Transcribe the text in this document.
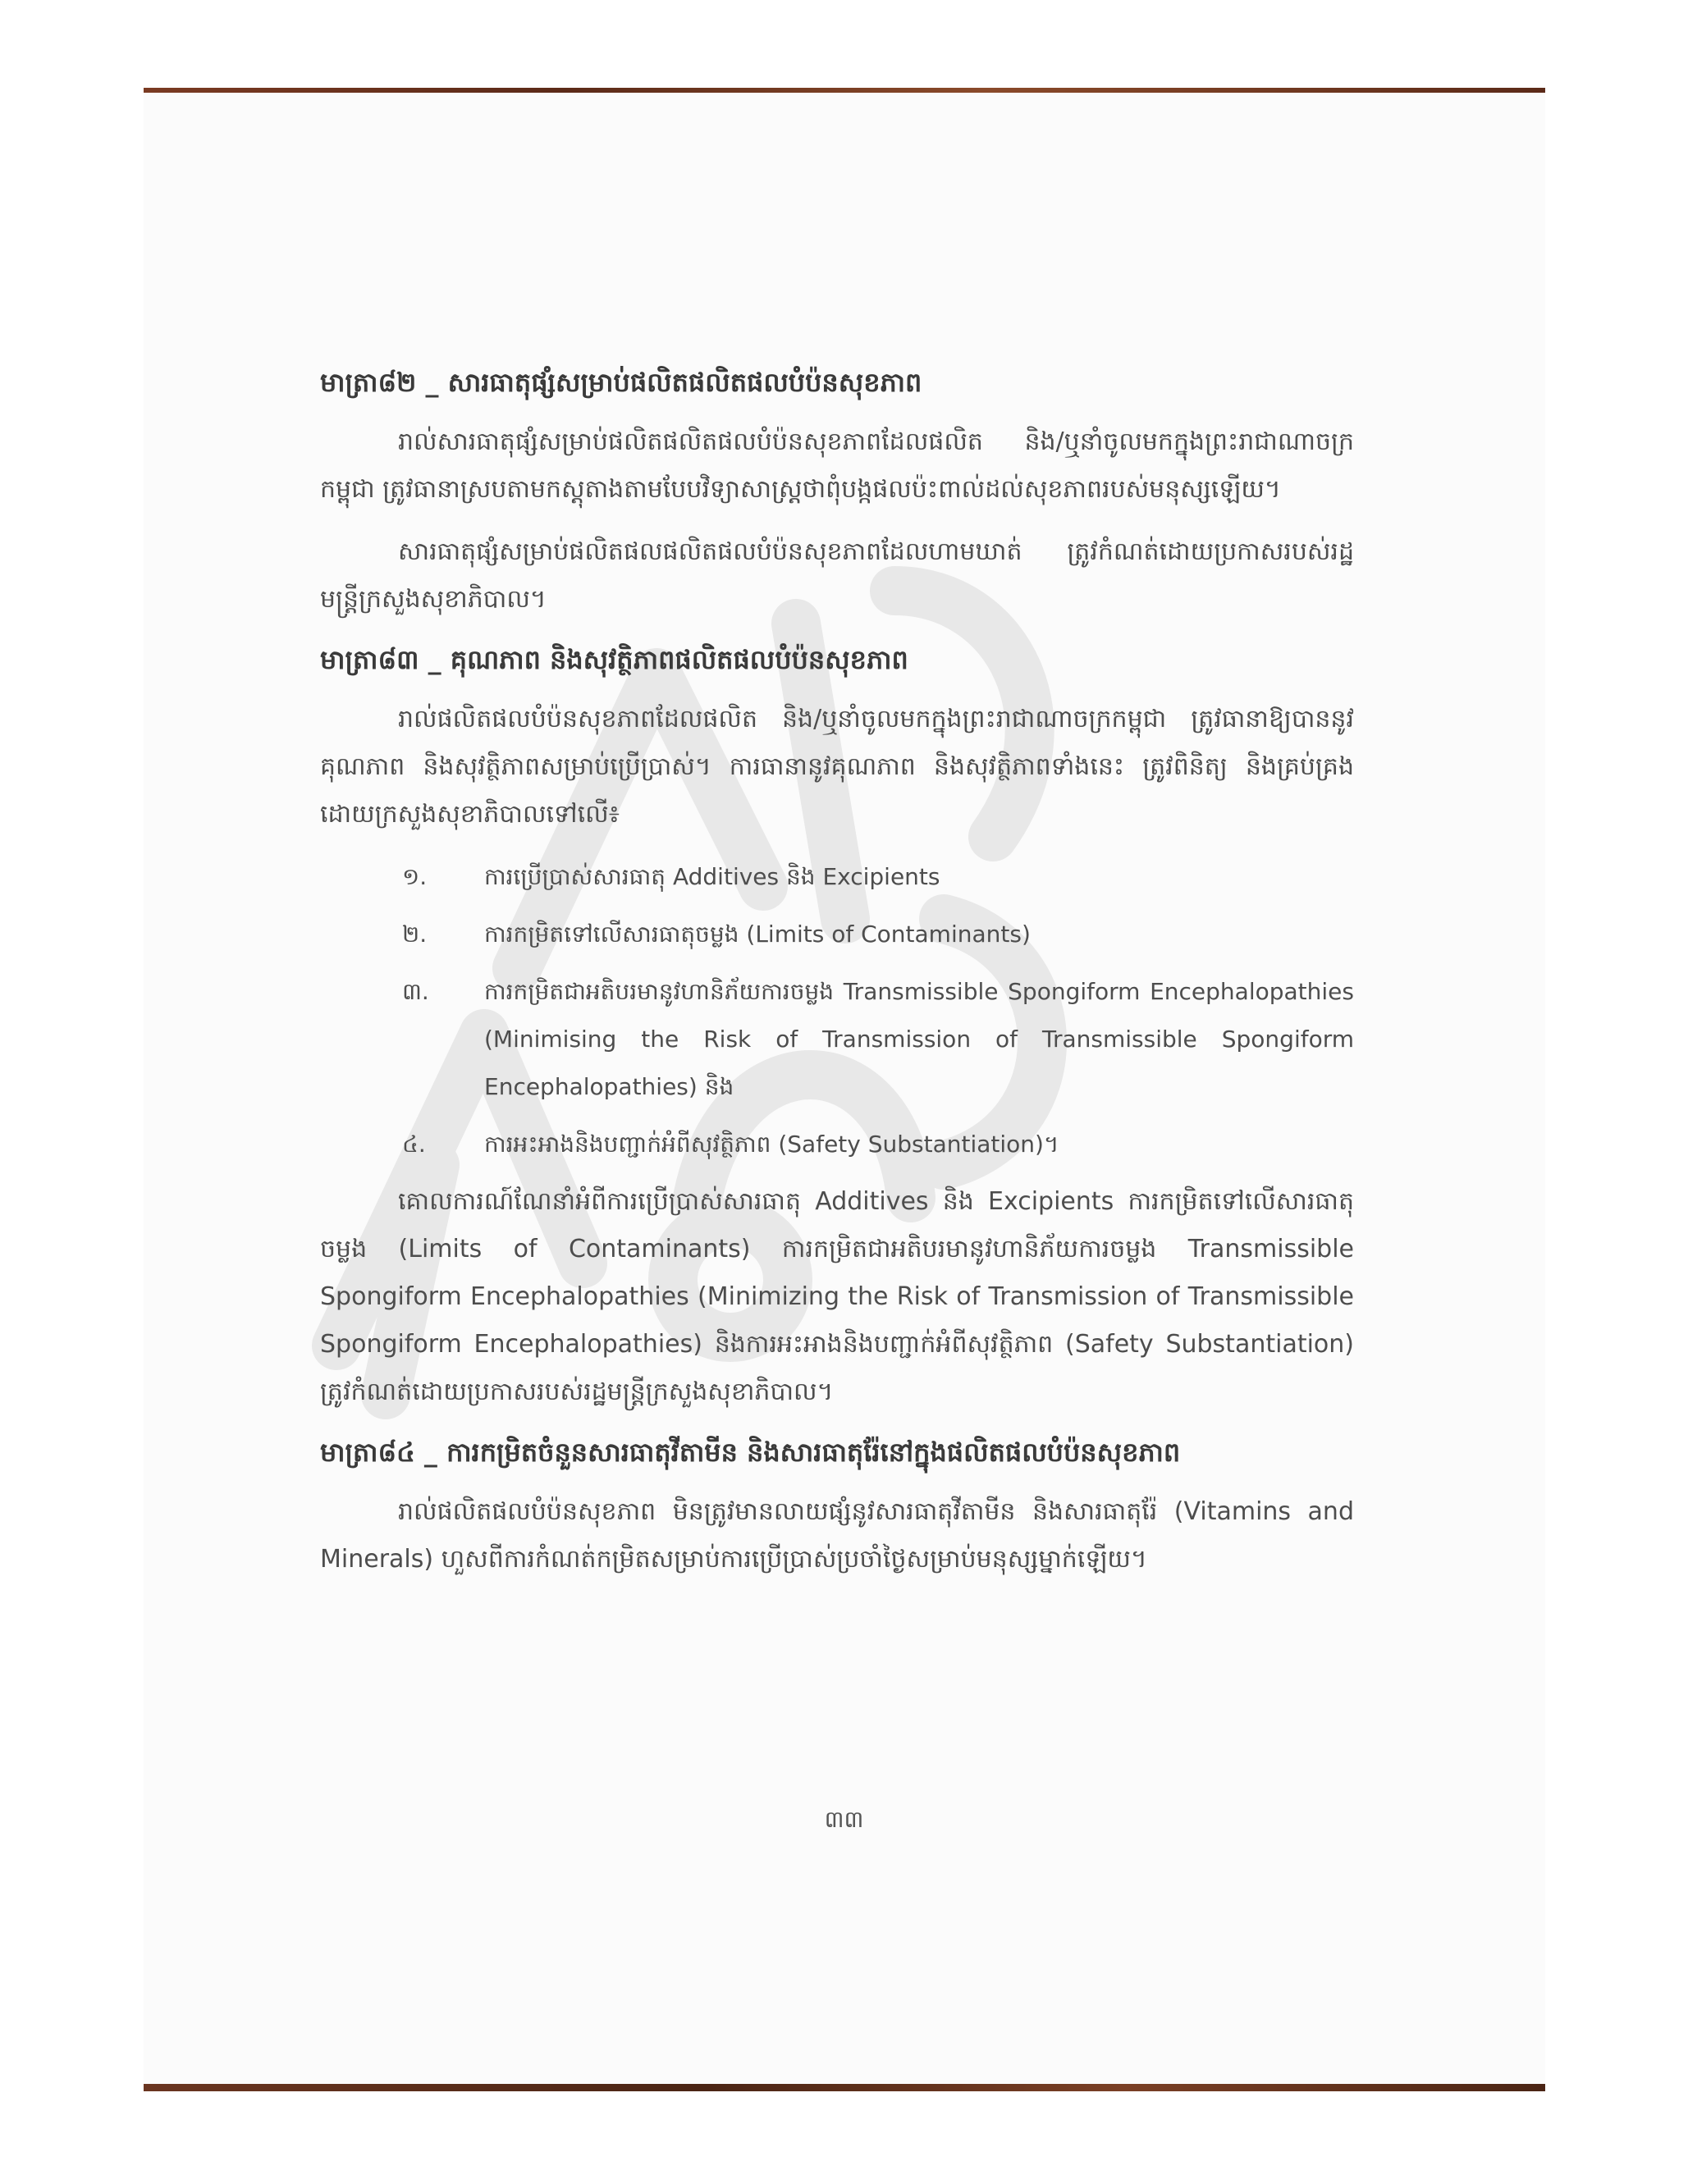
មាត្រា៨២ ​_ សារធាតុផ្សំសម្រាប់ផលិតផលិតផលបំប៉នសុខភាព

រាល់សារធាតុផ្សំសម្រាប់ផលិតផលិតផលបំប៉នសុខភាពដែលផលិត និង/ឬនាំចូលមកក្នុងព្រះរាជាណាចក្រកម្ពុជា ត្រូវធានាស្របតាមកស្ដុតាងតាមបែបវិទ្យាសាស្ត្រថាពុំបង្កផលប៉ះពាល់ដល់សុខភាពរបស់មនុស្សឡើយ។

សារធាតុផ្សំសម្រាប់ផលិតផលផលិតផលបំប៉នសុខភាពដែលហាមឃាត់ ត្រូវកំណត់ដោយប្រកាសរបស់រដ្ឋមន្ត្រីក្រសួងសុខាភិបាល។

មាត្រា៨៣ ​_ គុណភាព និងសុវត្ថិភាពផលិតផលបំប៉នសុខភាព

រាល់ផលិតផលបំប៉នសុខភាពដែលផលិត និង/ឬនាំចូលមកក្នុងព្រះរាជាណាចក្រកម្ពុជា ត្រូវធានាឱ្យបាននូវគុណភាព និងសុវត្ថិភាពសម្រាប់ប្រើប្រាស់។ ការធានានូវគុណភាព និងសុវត្ថិភាពទាំងនេះ ត្រូវពិនិត្យ និងគ្រប់គ្រងដោយក្រសួងសុខាភិបាលទៅលើ៖

១.	ការប្រើប្រាស់សារធាតុ Additives និង Excipients
២.	ការកម្រិតទៅលើសារធាតុចម្លង (Limits of Contaminants)
៣.	ការកម្រិតជាអតិបរមានូវហានិភ័យការចម្លង Transmissible Spongiform Encephalopathies (Minimising the Risk of Transmission of Transmissible Spongiform Encephalopathies) និង
៤.	ការអះអាងនិងបញ្ជាក់អំពីសុវត្ថិភាព (Safety Substantiation)។

គោលការណ៍ណែនាំអំពីការប្រើប្រាស់សារធាតុ Additives និង Excipients ការកម្រិតទៅលើសារធាតុចម្លង (Limits of Contaminants) ការកម្រិតជាអតិបរមានូវហានិភ័យការចម្លង Transmissible Spongiform Encephalopathies (Minimizing the Risk of Transmission of Transmissible Spongiform Encephalopathies) និងការអះអាងនិងបញ្ជាក់អំពីសុវត្ថិភាព (Safety Substantiation) ត្រូវកំណត់ដោយប្រកាសរបស់រដ្ឋមន្ត្រីក្រសួងសុខាភិបាល។

មាត្រា៨៤ ​_ ការកម្រិតចំនួនសារធាតុវីតាមីន និងសារធាតុរ៉ែនៅក្នុងផលិតផលបំប៉នសុខភាព

រាល់ផលិតផលបំប៉នសុខភាព មិនត្រូវមានលាយផ្សំនូវសារធាតុវីតាមីន និងសារធាតុរ៉ែ (Vitamins and Minerals) ហួសពីការកំណត់កម្រិតសម្រាប់ការប្រើប្រាស់ប្រចាំថ្ងៃសម្រាប់មនុស្សម្នាក់ឡើយ។

៣៣
